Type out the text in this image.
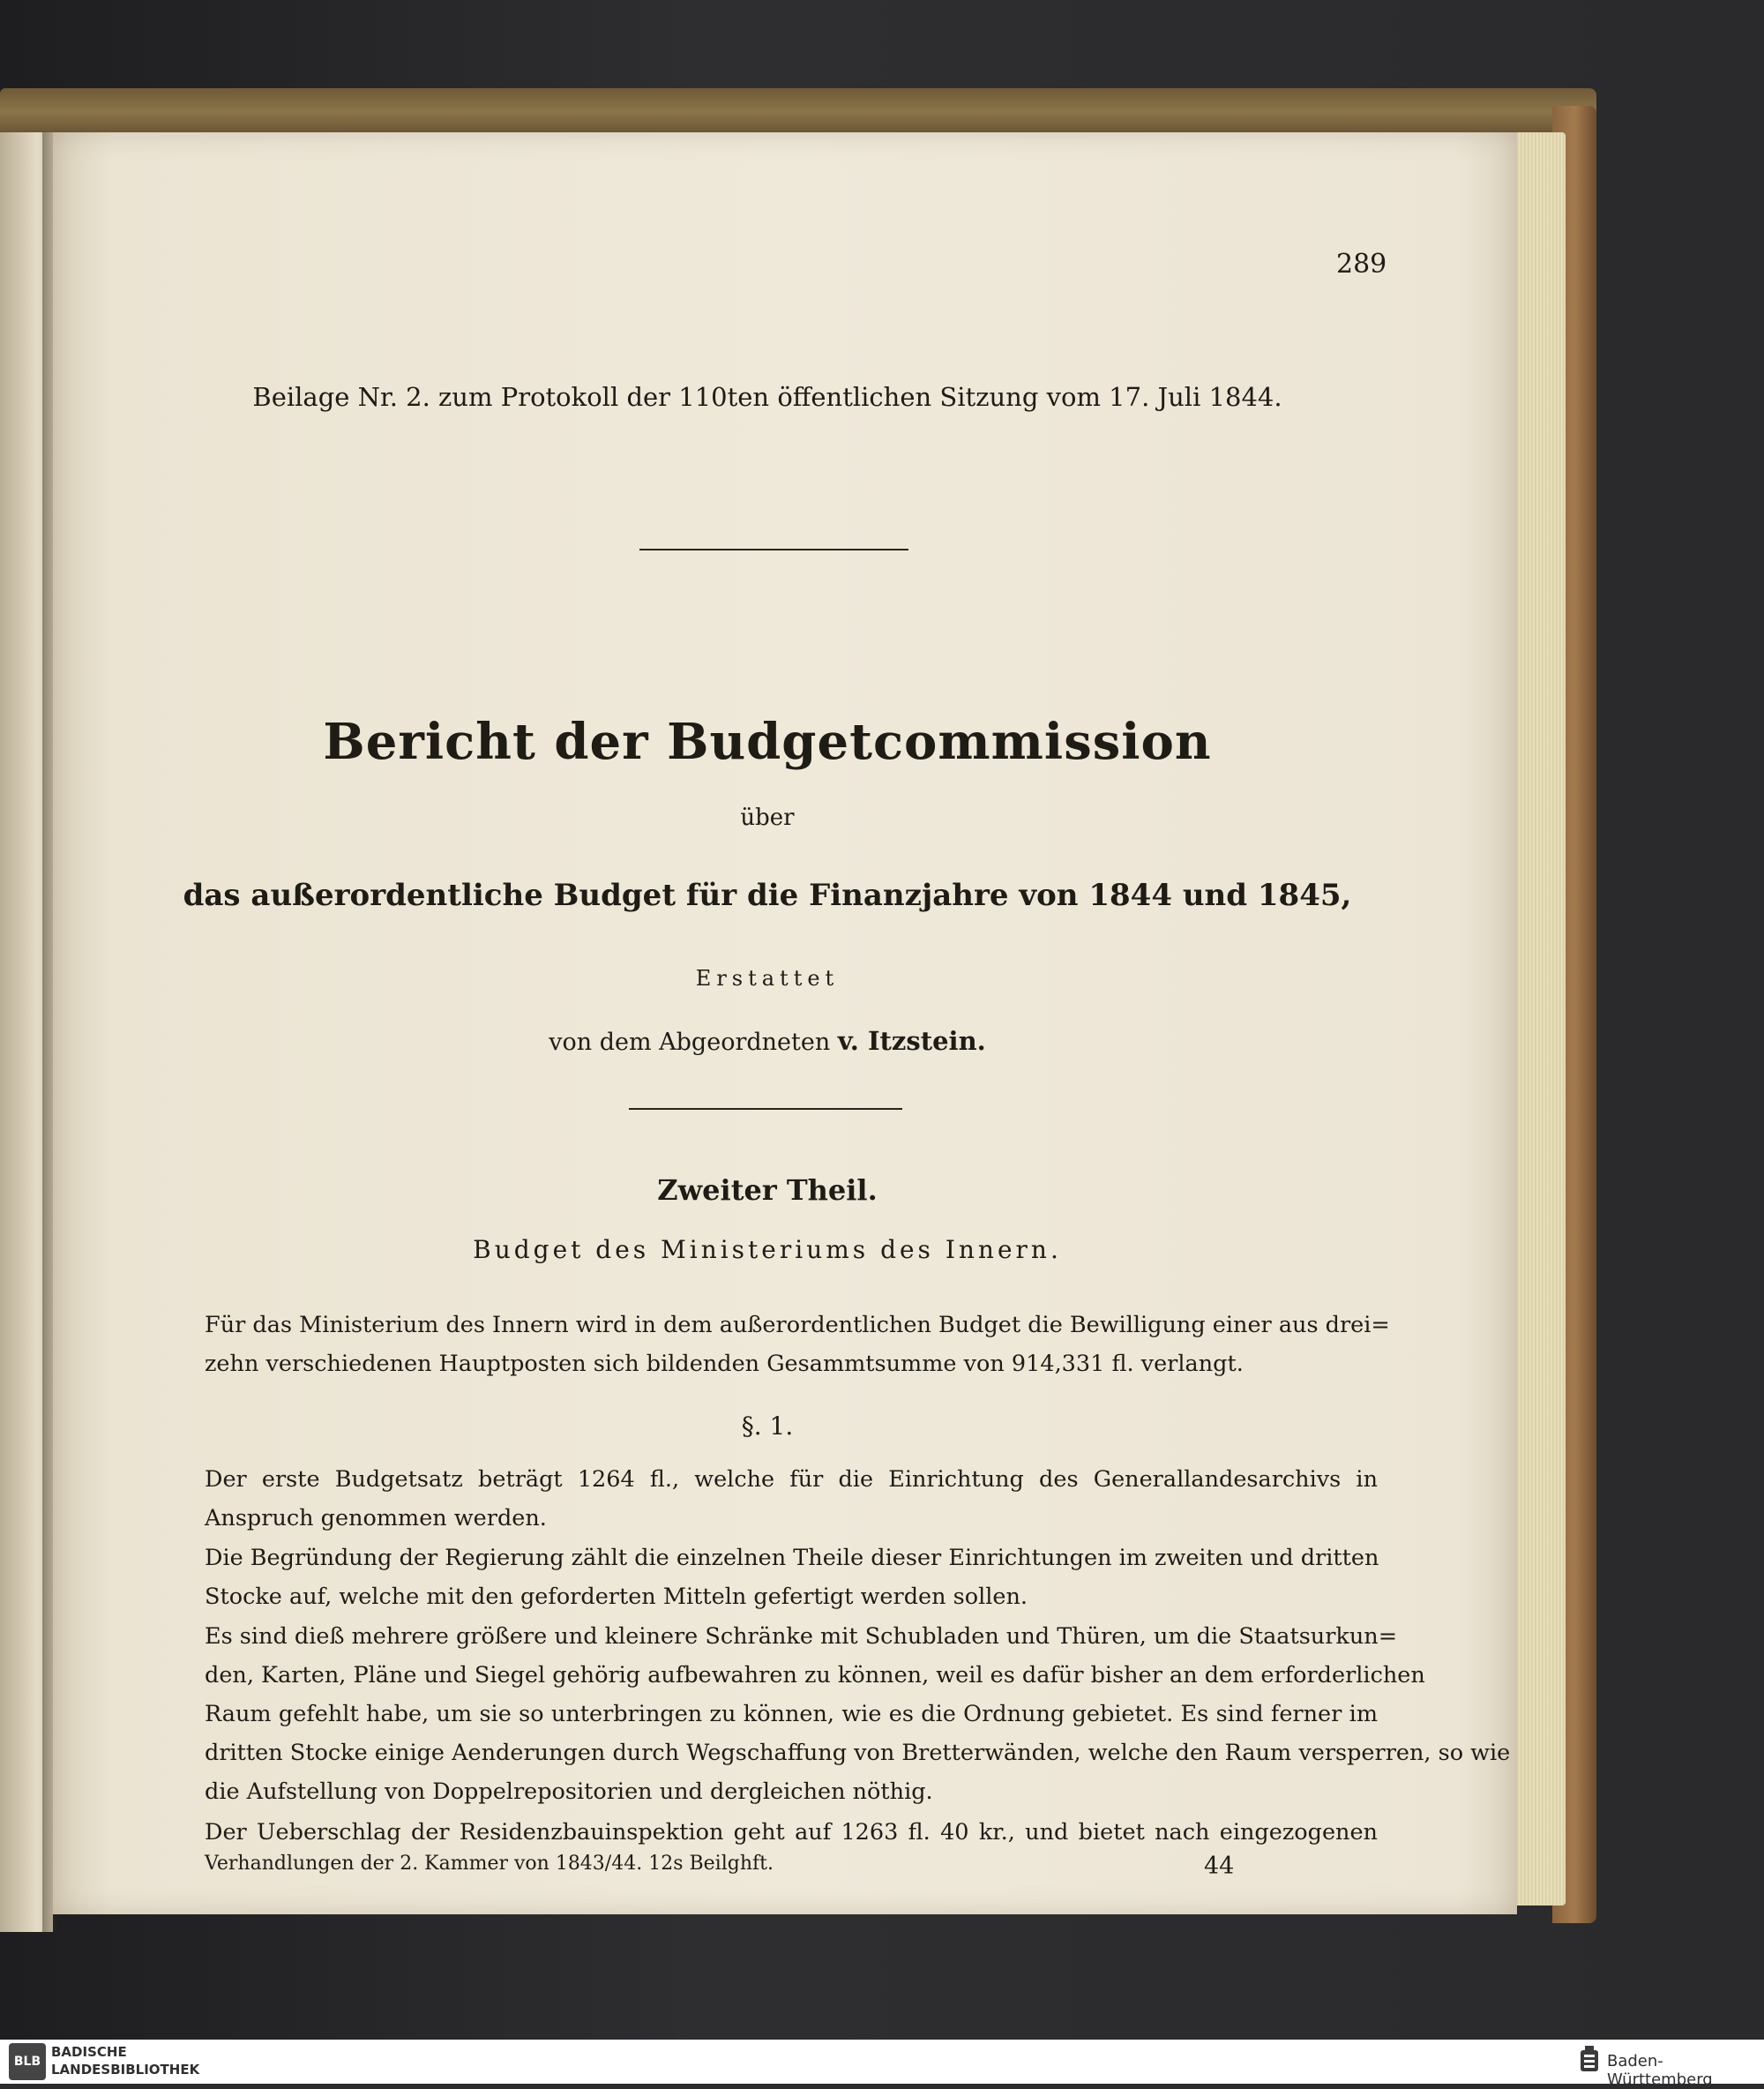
289
Beilage Nr. 2. zum Protokoll der 110ten öffentlichen Sitzung vom 17. Juli 1844.
Bericht der Budgetcommission
über
das außerordentliche Budget für die Finanzjahre von 1844 und 1845,
Erstattet
von dem Abgeordneten v. Itzstein.
Zweiter Theil.
Budget des Ministeriums des Innern.
Für das Ministerium des Innern wird in dem außerordentlichen Budget die Bewilligung einer aus drei=
zehn verschiedenen Hauptposten sich bildenden Gesammtsumme von 914,331 fl. verlangt.
§. 1.
Der erste Budgetsatz beträgt 1264 fl., welche für die Einrichtung des Generallandesarchivs in
Anspruch genommen werden.
Die Begründung der Regierung zählt die einzelnen Theile dieser Einrichtungen im zweiten und dritten
Stocke auf, welche mit den geforderten Mitteln gefertigt werden sollen.
Es sind dieß mehrere größere und kleinere Schränke mit Schubladen und Thüren, um die Staatsurkun=
den, Karten, Pläne und Siegel gehörig aufbewahren zu können, weil es dafür bisher an dem erforderlichen
Raum gefehlt habe, um sie so unterbringen zu können, wie es die Ordnung gebietet. Es sind ferner im
dritten Stocke einige Aenderungen durch Wegschaffung von Bretterwänden, welche den Raum versperren, so wie
die Aufstellung von Doppelrepositorien und dergleichen nöthig.
Der Ueberschlag der Residenzbauinspektion geht auf 1263 fl. 40 kr., und bietet nach eingezogenen
Verhandlungen der 2. Kammer von 1843/44. 12s Beilghft.	44
BLB
BADISCHE
LANDESBIBLIOTHEK	Baden-Württemberg
